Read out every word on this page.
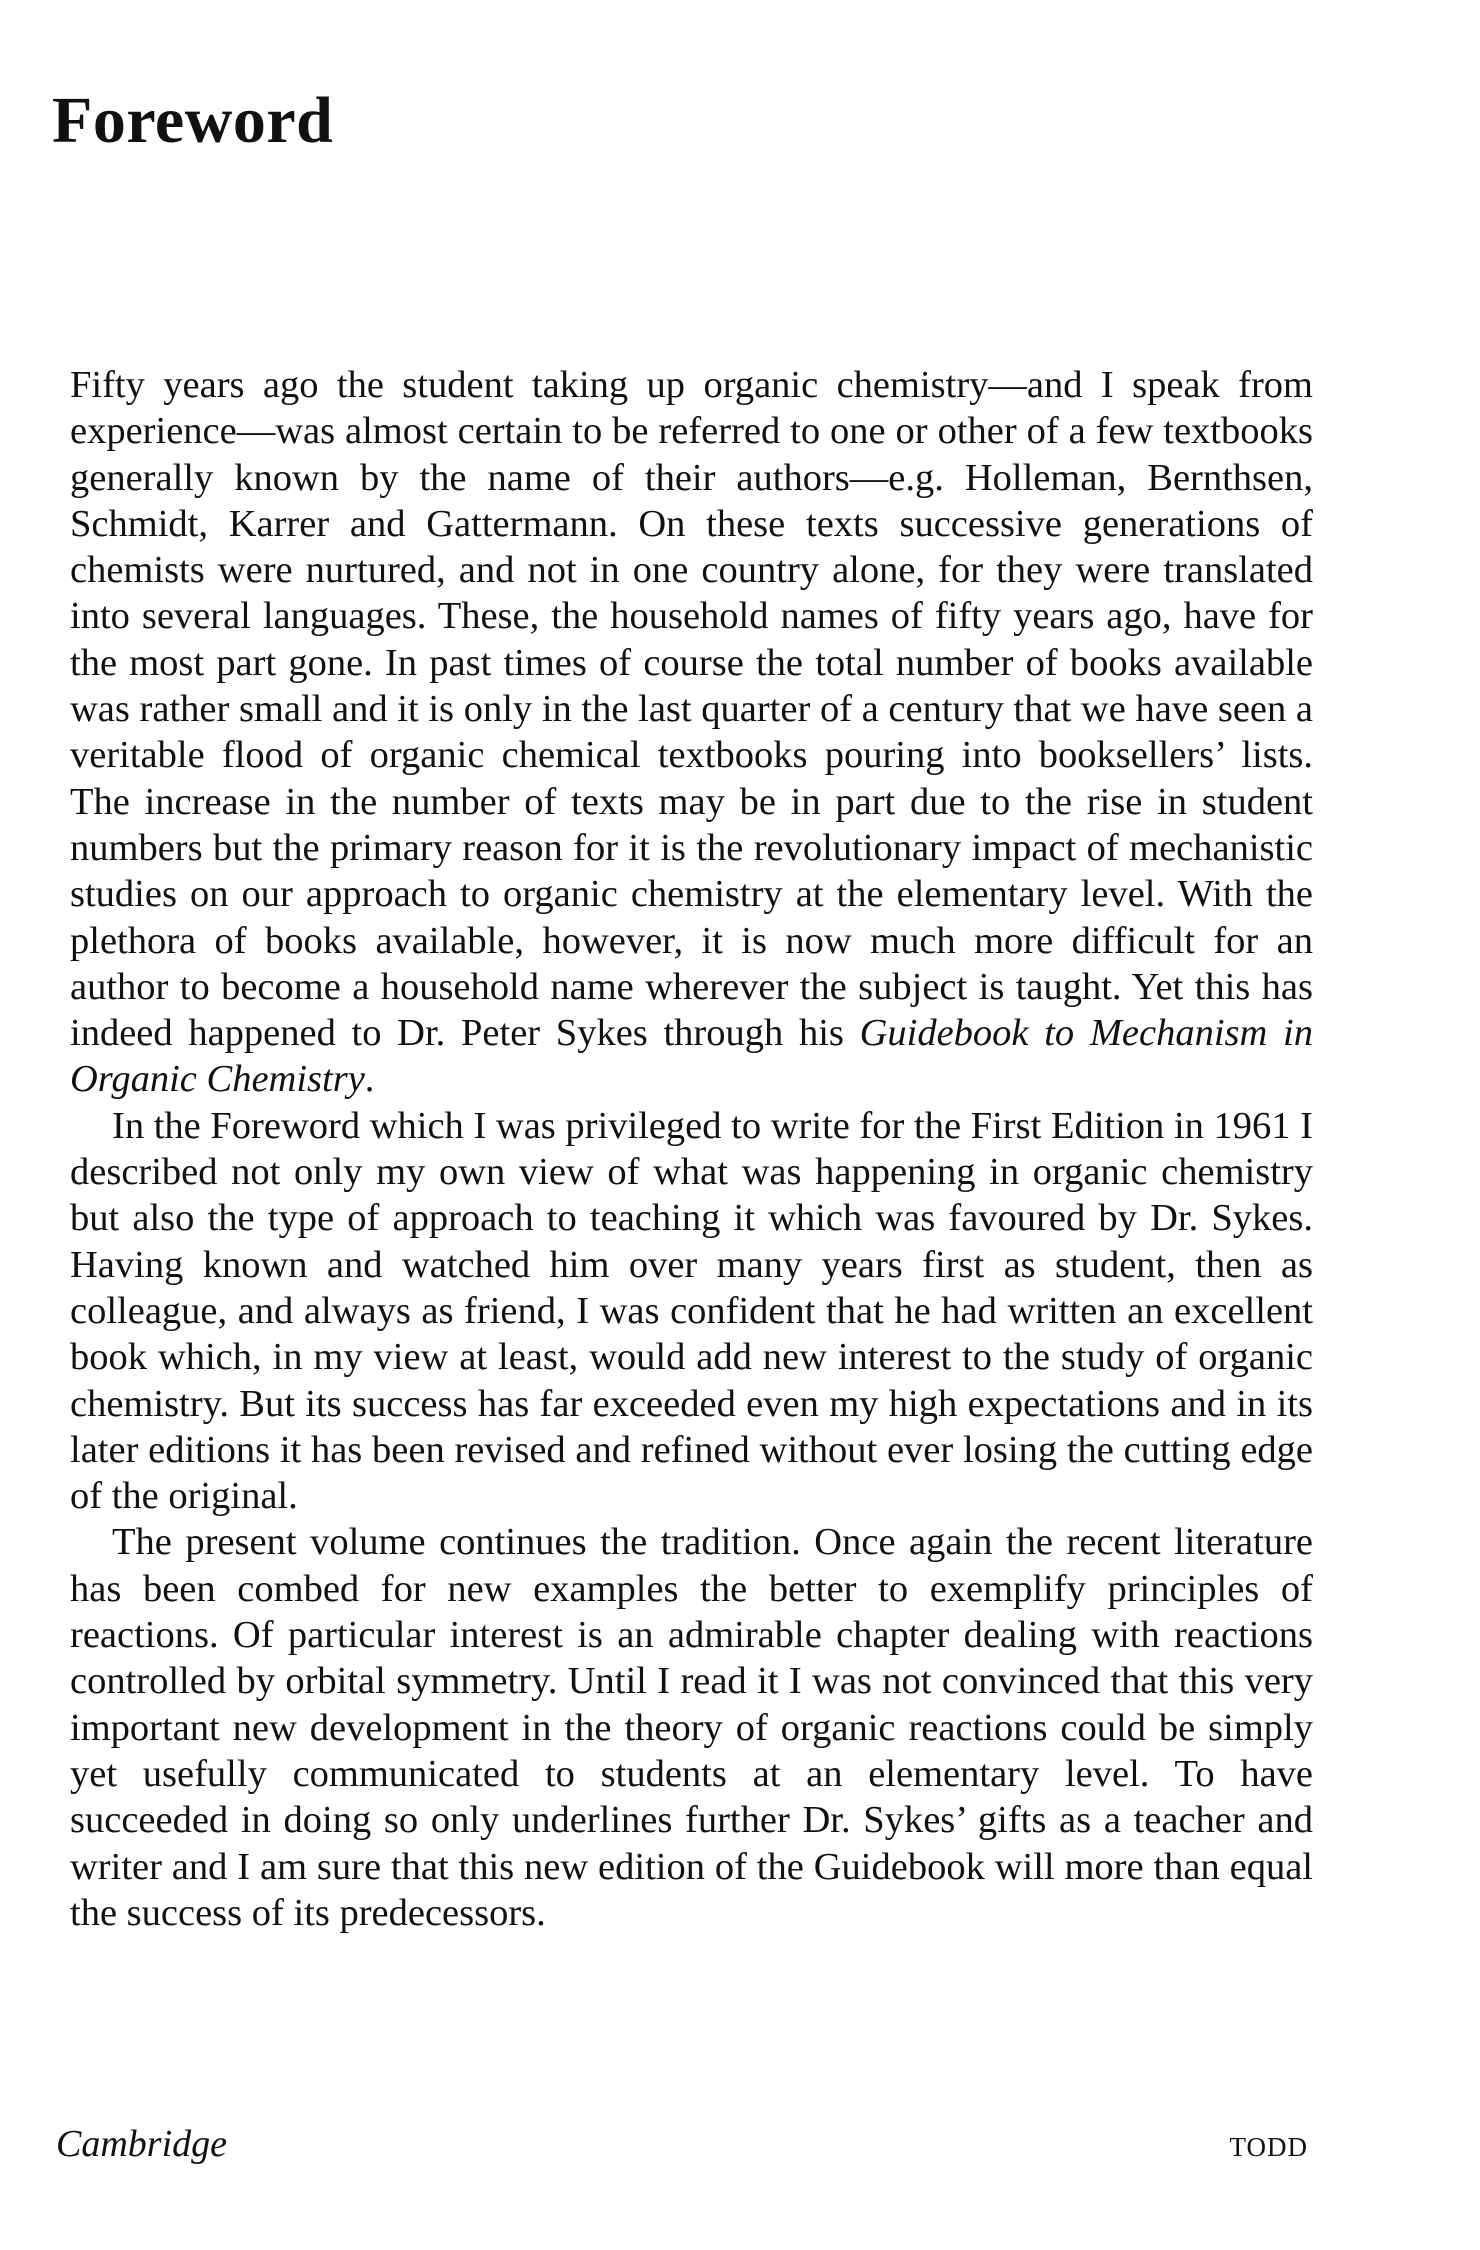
Foreword

Fifty years ago the student taking up organic chemistry—and I speak from experience—was almost certain to be referred to one or other of a few textbooks generally known by the name of their authors—e.g. Holleman, Bernthsen, Schmidt, Karrer and Gattermann. On these texts successive generations of chemists were nurtured, and not in one country alone, for they were translated into several languages. These, the household names of fifty years ago, have for the most part gone. In past times of course the total number of books available was rather small and it is only in the last quarter of a century that we have seen a veritable flood of organic chemical textbooks pouring into booksellers’ lists. The increase in the number of texts may be in part due to the rise in student numbers but the primary reason for it is the revolutionary impact of mechanistic studies on our approach to organic chemistry at the elementary level. With the plethora of books available, however, it is now much more difficult for an author to become a household name wherever the subject is taught. Yet this has indeed happened to Dr. Peter Sykes through his Guidebook to Mechanism in Organic Chemistry.

In the Foreword which I was privileged to write for the First Edition in 1961 I described not only my own view of what was happening in organic chemistry but also the type of approach to teaching it which was favoured by Dr. Sykes. Having known and watched him over many years first as student, then as colleague, and always as friend, I was confident that he had written an excellent book which, in my view at least, would add new interest to the study of organic chemistry. But its success has far exceeded even my high expectations and in its later editions it has been revised and refined without ever losing the cutting edge of the original.

The present volume continues the tradition. Once again the recent literature has been combed for new examples the better to exemplify principles of reactions. Of particular interest is an admirable chapter dealing with reactions controlled by orbital symmetry. Until I read it I was not convinced that this very important new development in the theory of organic reactions could be simply yet usefully communicated to students at an elementary level. To have succeeded in doing so only underlines further Dr. Sykes’ gifts as a teacher and writer and I am sure that this new edition of the Guidebook will more than equal the success of its predecessors.

Cambridge	todd
